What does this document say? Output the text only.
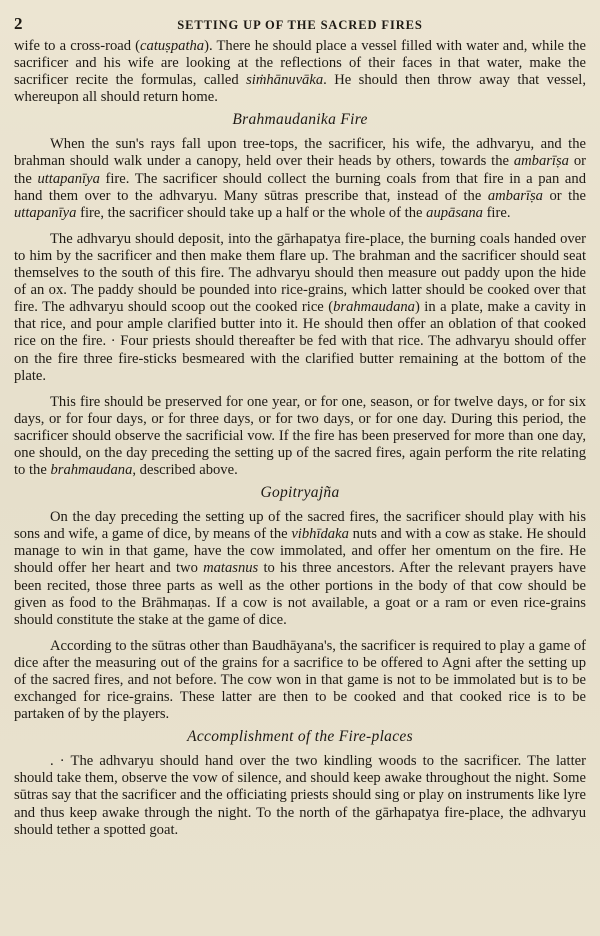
2	SETTING UP OF THE SACRED FIRES

wife to a cross-road (catuṣpatha). There he should place a vessel filled with water and, while the sacrificer and his wife are looking at the reflections of their faces in that water, make the sacrificer recite the formulas, called siṁhānuvāka. He should then throw away that vessel, whereupon all should return home.

Brahmaudanika Fire

When the sun's rays fall upon tree-tops, the sacrificer, his wife, the adhvaryu, and the brahman should walk under a canopy, held over their heads by others, towards the ambarīṣa or the uttapanīya fire. The sacrificer should collect the burning coals from that fire in a pan and hand them over to the adhvaryu. Many sūtras prescribe that, instead of the ambarīṣa or the uttapanīya fire, the sacrificer should take up a half or the whole of the aupāsana fire.

The adhvaryu should deposit, into the gārhapatya fire-place, the burning coals handed over to him by the sacrificer and then make them flare up. The brahman and the sacrificer should seat themselves to the south of this fire. The adhvaryu should then measure out paddy upon the hide of an ox. The paddy should be pounded into rice-grains, which latter should be cooked over that fire. The adhvaryu should scoop out the cooked rice (brahmaudana) in a plate, make a cavity in that rice, and pour ample clarified butter into it. He should then offer an oblation of that cooked rice on the fire. · Four priests should thereafter be fed with that rice. The adhvaryu should offer on the fire three fire-sticks besmeared with the clarified butter remaining at the bottom of the plate.

This fire should be preserved for one year, or for one, season, or for twelve days, or for six days, or for four days, or for three days, or for two days, or for one day. During this period, the sacrificer should observe the sacrificial vow. If the fire has been preserved for more than one day, one should, on the day preceding the setting up of the sacred fires, again perform the rite relating to the brahmaudana, described above.

Gopitryajña

On the day preceding the setting up of the sacred fires, the sacrificer should play with his sons and wife, a game of dice, by means of the vibhīdaka nuts and with a cow as stake. He should manage to win in that game, have the cow immolated, and offer her omentum on the fire. He should offer her heart and two matasnus to his three ancestors. After the relevant prayers have been recited, those three parts as well as the other portions in the body of that cow should be given as food to the Brāhmaṇas. If a cow is not available, a goat or a ram or even rice-grains should constitute the stake at the game of dice.

According to the sūtras other than Baudhāyana's, the sacrificer is required to play a game of dice after the measuring out of the grains for a sacrifice to be offered to Agni after the setting up of the sacred fires, and not before. The cow won in that game is not to be immolated but is to be exchanged for rice-grains. These latter are then to be cooked and that cooked rice is to be partaken of by the players.

Accomplishment of the Fire-places

. · The adhvaryu should hand over the two kindling woods to the sacrificer. The latter should take them, observe the vow of silence, and should keep awake throughout the night. Some sūtras say that the sacrificer and the officiating priests should sing or play on instruments like lyre and thus keep awake through the night. To the north of the gārhapatya fire-place, the adhvaryu should tether a spotted goat.
